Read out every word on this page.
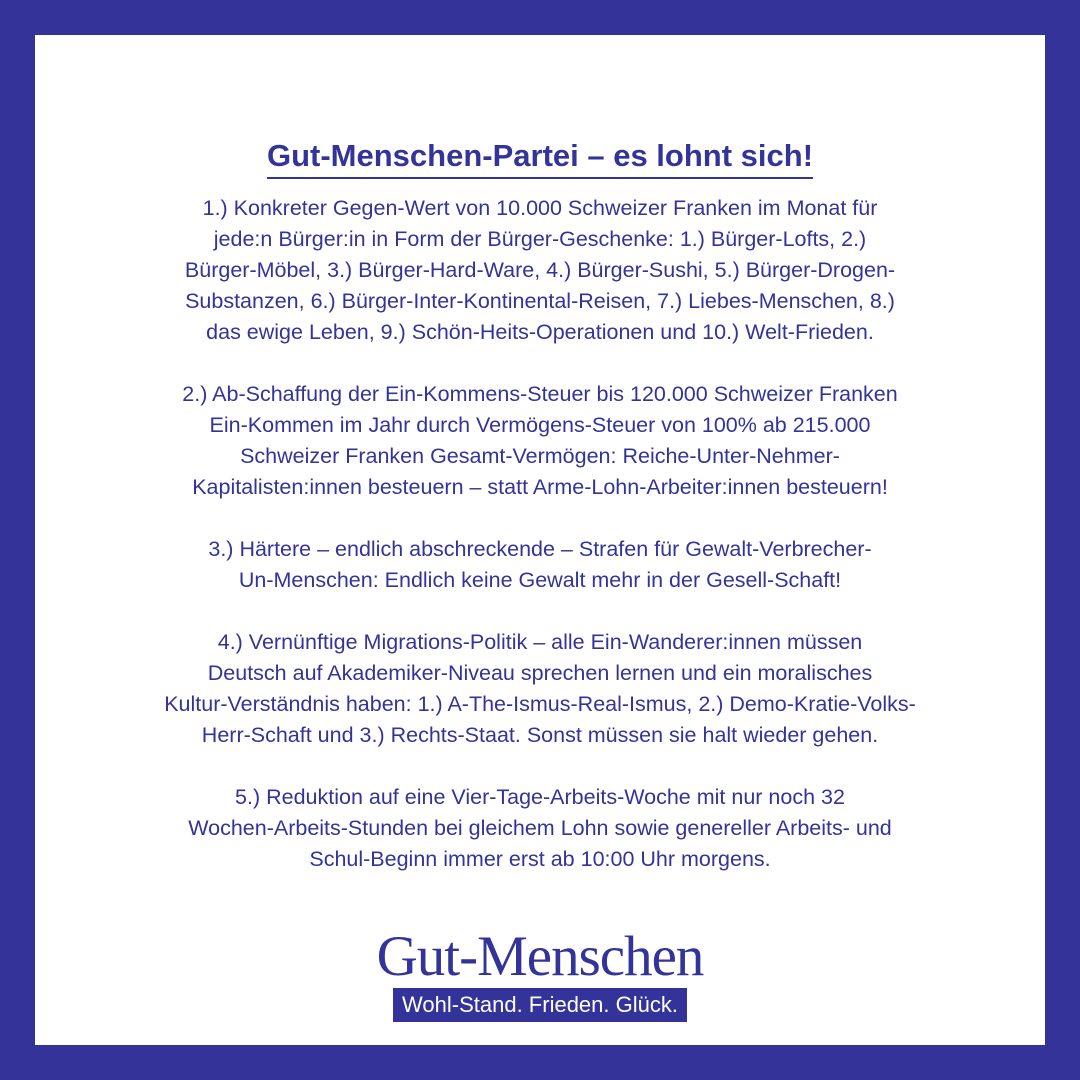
Gut-Menschen-Partei – es lohnt sich!

1.) Konkreter Gegen-Wert von 10.000 Schweizer Franken im Monat für
jede:n Bürger:in in Form der Bürger-Geschenke: 1.) Bürger-Lofts, 2.)
Bürger-Möbel, 3.) Bürger-Hard-Ware, 4.) Bürger-Sushi, 5.) Bürger-Drogen-
Substanzen, 6.) Bürger-Inter-Kontinental-Reisen, 7.) Liebes-Menschen, 8.)
das ewige Leben, 9.) Schön-Heits-Operationen und 10.) Welt-Frieden.

2.) Ab-Schaffung der Ein-Kommens-Steuer bis 120.000 Schweizer Franken
Ein-Kommen im Jahr durch Vermögens-Steuer von 100% ab 215.000
Schweizer Franken Gesamt-Vermögen: Reiche-Unter-Nehmer-
Kapitalisten:innen besteuern – statt Arme-Lohn-Arbeiter:innen besteuern!

3.) Härtere – endlich abschreckende – Strafen für Gewalt-Verbrecher-
Un-Menschen: Endlich keine Gewalt mehr in der Gesell-Schaft!

4.) Vernünftige Migrations-Politik – alle Ein-Wanderer:innen müssen
Deutsch auf Akademiker-Niveau sprechen lernen und ein moralisches
Kultur-Verständnis haben: 1.) A-The-Ismus-Real-Ismus, 2.) Demo-Kratie-Volks-
Herr-Schaft und 3.) Rechts-Staat. Sonst müssen sie halt wieder gehen.

5.) Reduktion auf eine Vier-Tage-Arbeits-Woche mit nur noch 32
Wochen-Arbeits-Stunden bei gleichem Lohn sowie genereller Arbeits- und
Schul-Beginn immer erst ab 10:00 Uhr morgens.

Gut-Menschen
Wohl-Stand. Frieden. Glück.
